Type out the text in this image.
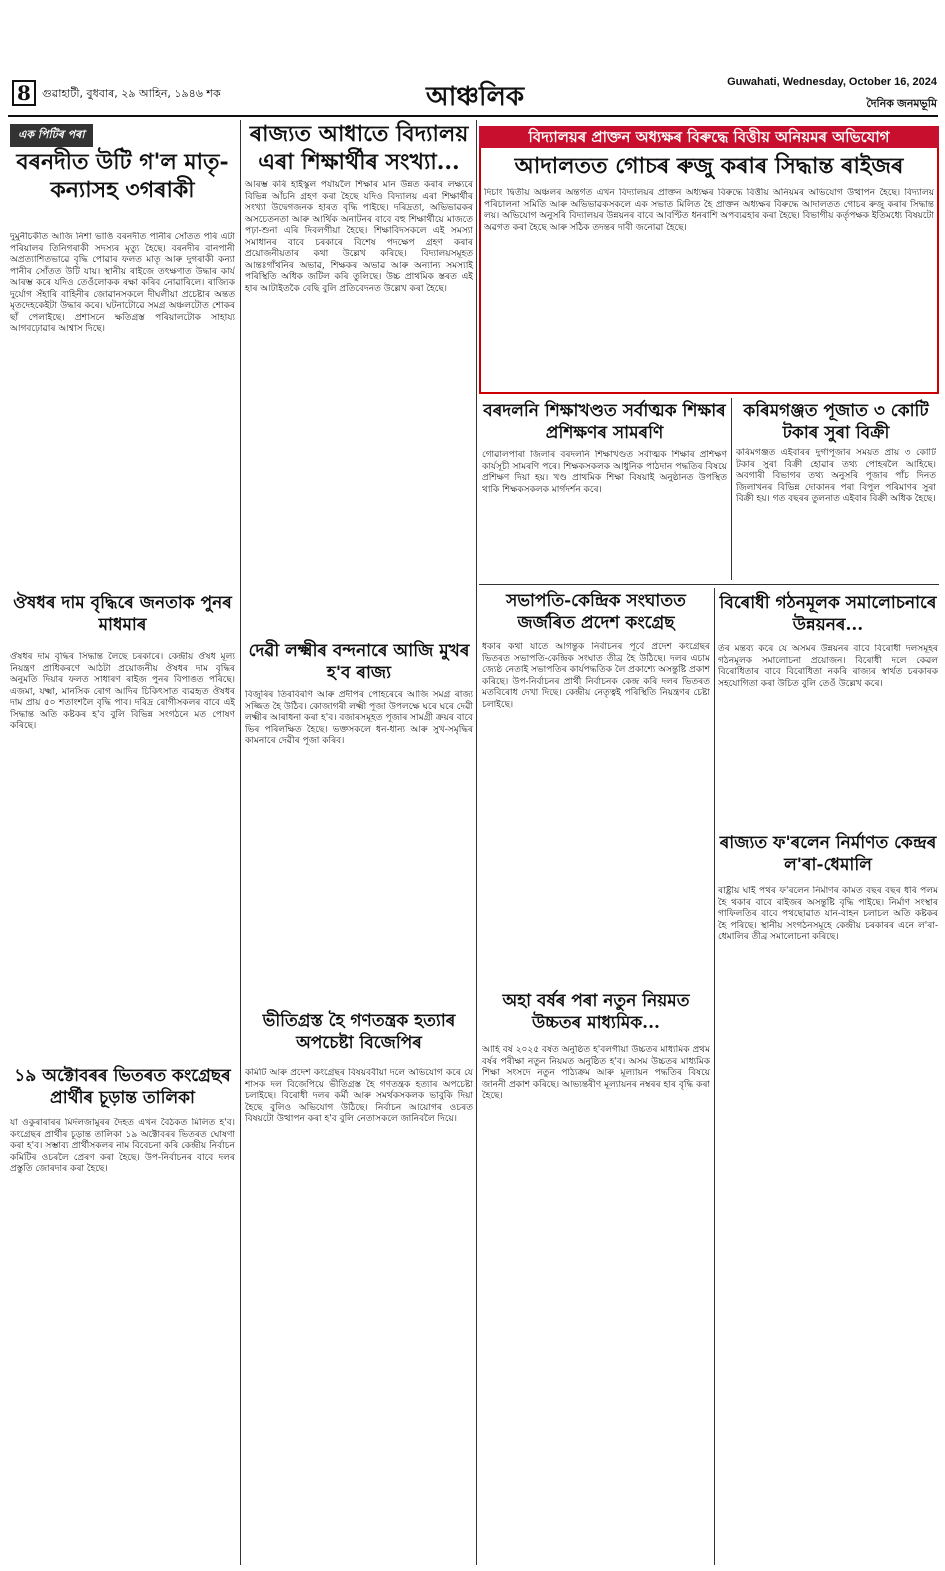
8	গুৱাহাটী, বুধবাৰ, ২৯ আহিন, ১৯৪৬ শক	আঞ্চলিক	Guwahati, Wednesday, October 16, 2024
দৈনিক জনমভূমি
এক পিটিৰ পৰা
বৰনদীত উটি গ'ল মাতৃ-কন্যাসহ ৩গৰাকী
দুমুনীচকীত আজি নিশা ভাঙি বৰনদীত পানীৰ সোঁতত পৰি এটা পৰিয়ালৰ তিনিগৰাকী সদস্যৰ মৃত্যু হৈছে। বৰনদীৰ বানপানী অপ্ৰত্যাশিতভাৱে বৃদ্ধি পোৱাৰ ফলত মাতৃ আৰু দুগৰাকী কন্যা পানীৰ সোঁতত উটি যায়। স্থানীয় ৰাইজে তৎক্ষণাত উদ্ধাৰ কাৰ্য আৰম্ভ কৰে যদিও তেওঁলোকক ৰক্ষা কৰিব নোৱাৰিলে। ৰাজ্যিক দুৰ্যোগ সঁহাৰি বাহিনীৰ জোৱানসকলে দীঘলীয়া প্ৰচেষ্টাৰ অন্তত মৃতদেহকেইটা উদ্ধাৰ কৰে। ঘটনাটোৱে সমগ্ৰ অঞ্চলটোত শোকৰ ছাঁ পেলাইছে। প্ৰশাসনে ক্ষতিগ্ৰস্ত পৰিয়ালটোক সাহায্য আগবঢ়োৱাৰ আশ্বাস দিছে।
ঔষধৰ দাম বৃদ্ধিৰে জনতাক পুনৰ মাধমাৰ
ঔষধৰ দাম বৃদ্ধিৰ সিদ্ধান্ত লৈছে চৰকাৰে। কেন্দ্ৰীয় ঔষধ মূল্য নিয়ন্ত্ৰণ প্ৰাধিকৰণে আঠটা প্ৰয়োজনীয় ঔষধৰ দাম বৃদ্ধিৰ অনুমতি দিয়াৰ ফলত সাধাৰণ ৰাইজ পুনৰ বিপাঙত পৰিছে। এজমা, যক্ষ্মা, মানসিক ৰোগ আদিৰ চিকিৎসাত ব্যৱহৃত ঔষধৰ দাম প্ৰায় ৫০ শতাংশলৈ বৃদ্ধি পাব। দৰিদ্ৰ ৰোগীসকলৰ বাবে এই সিদ্ধান্ত অতি কষ্টকৰ হ'ব বুলি বিভিন্ন সংগঠনে মত পোষণ কৰিছে।
১৯ অক্টোবৰৰ ভিতৰত কংগ্ৰেছৰ প্ৰাৰ্থীৰ চূড়ান্ত তালিকা
যা ওকুৰাৰাৰৰ মিৰ্দলজামুৰৰ দৈহত এখন বৈঠকত মিলিত হ'ব। কংগ্ৰেছৰ প্ৰাৰ্থীৰ চূড়ান্ত তালিকা ১৯ অক্টোবৰৰ ভিতৰত ঘোষণা কৰা হ'ব। সম্ভাব্য প্ৰাৰ্থীসকলৰ নাম বিবেচনা কৰি কেন্দ্ৰীয় নিৰ্বাচন কমিটিৰ ওচৰলৈ প্ৰেৰণ কৰা হৈছে। উপ-নিৰ্বাচনৰ বাবে দলৰ প্ৰস্তুতি জোৰদাৰ কৰা হৈছে।
ৰাজ্যত আধাতে বিদ্যালয় এৰা শিক্ষাৰ্থীৰ সংখ্যা...
আৰম্ভ কৰি হাইস্কুল পৰ্যায়লৈ শিক্ষাৰ মান উন্নত কৰাৰ লক্ষ্যৰে বিভিন্ন আঁচনি গ্ৰহণ কৰা হৈছে যদিও বিদ্যালয় এৰা শিক্ষাৰ্থীৰ সংখ্যা উদ্বেগজনক হাৰত বৃদ্ধি পাইছে। দৰিদ্ৰতা, অভিভাৱকৰ অসচেতনতা আৰু আৰ্থিক অনাটনৰ বাবে বহু শিক্ষাৰ্থীয়ে মাজতে পঢ়া-শুনা এৰি দিবলগীয়া হৈছে। শিক্ষাবিদসকলে এই সমস্যা সমাধানৰ বাবে চৰকাৰে বিশেষ পদক্ষেপ গ্ৰহণ কৰাৰ প্ৰয়োজনীয়তাৰ কথা উল্লেখ কৰিছে। বিদ্যালয়সমূহত আন্তঃগাঁথনিৰ অভাৱ, শিক্ষকৰ অভাৱ আৰু অন্যান্য সমস্যাই পৰিস্থিতি অধিক জটিল কৰি তুলিছে। উচ্চ প্ৰাথমিক স্তৰত এই হাৰ আটাইতকৈ বেছি বুলি প্ৰতিবেদনত উল্লেখ কৰা হৈছে।
দেৱী লক্ষ্মীৰ বন্দনাৰে আজি মুখৰ হ'ব ৰাজ্য
বিজুৰিৰ তিৰবিৰণি আৰু প্ৰদীপৰ পোহৰেৰে আজি সমগ্ৰ ৰাজ্য সজ্জিত হৈ উঠিব। কোজাগৰী লক্ষ্মী পূজা উপলক্ষে ঘৰে ঘৰে দেৱী লক্ষ্মীৰ আৰাধনা কৰা হ'ব। বজাৰসমূহত পূজাৰ সামগ্ৰী ক্ৰয়ৰ বাবে ভিৰ পৰিলক্ষিত হৈছে। ভক্তসকলে ধন-ধান্য আৰু সুখ-সমৃদ্ধিৰ কামনাৰে দেৱীৰ পূজা কৰিব।
ভীতিগ্ৰস্ত হৈ গণতন্ত্ৰক হত্যাৰ অপচেষ্টা বিজেপিৰ
কমিটি আৰু প্ৰদেশ কংগ্ৰেছৰ বিষয়ববীয়া দলে অভিযোগ কৰে যে শাসক দল বিজেপিয়ে ভীতিগ্ৰস্ত হৈ গণতন্ত্ৰক হত্যাৰ অপচেষ্টা চলাইছে। বিৰোধী দলৰ কৰ্মী আৰু সমৰ্থকসকলক ভাবুকি দিয়া হৈছে বুলিও অভিযোগ উঠিছে। নিৰ্বাচন আয়োগৰ ওচৰত বিষয়টো উত্থাপন কৰা হ'ব বুলি নেতাসকলে জানিবলৈ দিয়ে।
বিদ্যালয়ৰ প্ৰাক্তন অধ্যক্ষৰ বিৰুদ্ধে বিত্তীয় অনিয়মৰ অভিযোগ
আদালতত গোচৰ ৰুজু কৰাৰ সিদ্ধান্ত ৰাইজৰ
দিচাং দ্বিতীয় অঞ্চলৰ অন্তৰ্গত এখন বিদ্যালয়ৰ প্ৰাক্তন অধ্যক্ষৰ বিৰুদ্ধে বিত্তীয় অনিয়মৰ অভিযোগ উত্থাপন হৈছে। বিদ্যালয় পৰিচালনা সমিতি আৰু অভিভাৱকসকলে এক সভাত মিলিত হৈ প্ৰাক্তন অধ্যক্ষৰ বিৰুদ্ধে আদালতত গোচৰ ৰুজু কৰাৰ সিদ্ধান্ত লয়। অভিযোগ অনুসৰি বিদ্যালয়ৰ উন্নয়নৰ বাবে আবণ্টিত ধনৰাশি অপব্যৱহাৰ কৰা হৈছে। বিভাগীয় কৰ্তৃপক্ষক ইতিমধ্যে বিষয়টো অৱগত কৰা হৈছে আৰু সঠিক তদন্তৰ দাবী জনোৱা হৈছে।
বৰদলনি শিক্ষাখণ্ডত সৰ্বাত্মক শিক্ষাৰ প্ৰশিক্ষণৰ সামৰণি
গোৱালপাৰা জিলাৰ বৰদলনি শিক্ষাখণ্ডত সৰ্বাত্মক শিক্ষাৰ প্ৰশিক্ষণ কাৰ্যসূচী সামৰণি পৰে। শিক্ষকসকলক আধুনিক পাঠদান পদ্ধতিৰ বিষয়ে প্ৰশিক্ষণ দিয়া হয়। খণ্ড প্ৰাথমিক শিক্ষা বিষয়াই অনুষ্ঠানত উপস্থিত থাকি শিক্ষকসকলক মাৰ্গদৰ্শন কৰে।
কৰিমগঞ্জত পূজাত ৩ কোটি টকাৰ সুৰা বিক্ৰী
কৰিমগঞ্জত এইবাৰৰ দুৰ্গাপূজাৰ সময়ত প্ৰায় ৩ কোটি টকাৰ সুৰা বিক্ৰী হোৱাৰ তথ্য পোহৰলৈ আহিছে। অবগাৰী বিভাগৰ তথ্য অনুসৰি পূজাৰ পাঁচ দিনত জিলাখনৰ বিভিন্ন দোকানৰ পৰা বিপুল পৰিমাণৰ সুৰা বিক্ৰী হয়। গত বছৰৰ তুলনাত এইবাৰ বিক্ৰী অধিক হৈছে।
সভাপতি-কেন্দ্ৰিক সংঘাতত জৰ্জৰিত প্ৰদেশ কংগ্ৰেছ
ধকাৰ কথা যাতে আগন্তুক নিৰ্বাচনৰ পূৰ্বে প্ৰদেশ কংগ্ৰেছৰ ভিতৰত সভাপতি-কেন্দ্ৰিক সংঘাত তীব্ৰ হৈ উঠিছে। দলৰ এচাম জ্যেষ্ঠ নেতাই সভাপতিৰ কাৰ্যপদ্ধতিক লৈ প্ৰকাশ্যে অসন্তুষ্টি প্ৰকাশ কৰিছে। উপ-নিৰ্বাচনৰ প্ৰাৰ্থী নিৰ্বাচনক কেন্দ্ৰ কৰি দলৰ ভিতৰত মতবিৰোধ দেখা দিছে। কেন্দ্ৰীয় নেতৃত্বই পৰিস্থিতি নিয়ন্ত্ৰণৰ চেষ্টা চলাইছে।
অহা বৰ্ষৰ পৰা নতুন নিয়মত উচ্চতৰ মাধ্যমিক...
আহি বৰ্ষ ২০২৫ বৰ্ষত অনুষ্ঠিত হ'বলগীয়া উচ্চতৰ মাধ্যমিক প্ৰথম বৰ্ষৰ পৰীক্ষা নতুন নিয়মত অনুষ্ঠিত হ'ব। অসম উচ্চতৰ মাধ্যমিক শিক্ষা সংসদে নতুন পাঠ্যক্ৰম আৰু মূল্যায়ন পদ্ধতিৰ বিষয়ে জাননী প্ৰকাশ কৰিছে। আভ্যন্তৰীণ মূল্যায়নৰ নম্বৰৰ হাৰ বৃদ্ধি কৰা হৈছে।
বিৰোধী গঠনমূলক সমালোচনাৰে উন্নয়নৰ...
ৰ্তৰ মন্তব্য কৰে যে অসমৰ উন্নয়নৰ বাবে বিৰোধী দলসমূহৰ গঠনমূলক সমালোচনা প্ৰয়োজন। বিৰোধী দলে কেৱল বিৰোধিতাৰ বাবে বিৰোধিতা নকৰি ৰাজ্যৰ স্বাৰ্থত চৰকাৰক সহযোগিতা কৰা উচিত বুলি তেওঁ উল্লেখ কৰে।
ৰাজ্যত ফ'ৰলেন নিৰ্মাণত কেন্দ্ৰৰ ল'ৰা-ধেমালি
ৰাষ্ট্ৰীয় ঘাই পথৰ ফ'ৰলেন নিৰ্মাণৰ কামত বছৰ বছৰ ধৰি পলম হৈ থকাৰ বাবে ৰাইজৰ অসন্তুষ্টি বৃদ্ধি পাইছে। নিৰ্মাণ সংস্থাৰ গাফিলতিৰ বাবে পথছোৱাত যান-বাহন চলাচল অতি কষ্টকৰ হৈ পৰিছে। স্থানীয় সংগঠনসমূহে কেন্দ্ৰীয় চৰকাৰৰ এনে ল'ৰা-ধেমালিৰ তীব্ৰ সমালোচনা কৰিছে।
